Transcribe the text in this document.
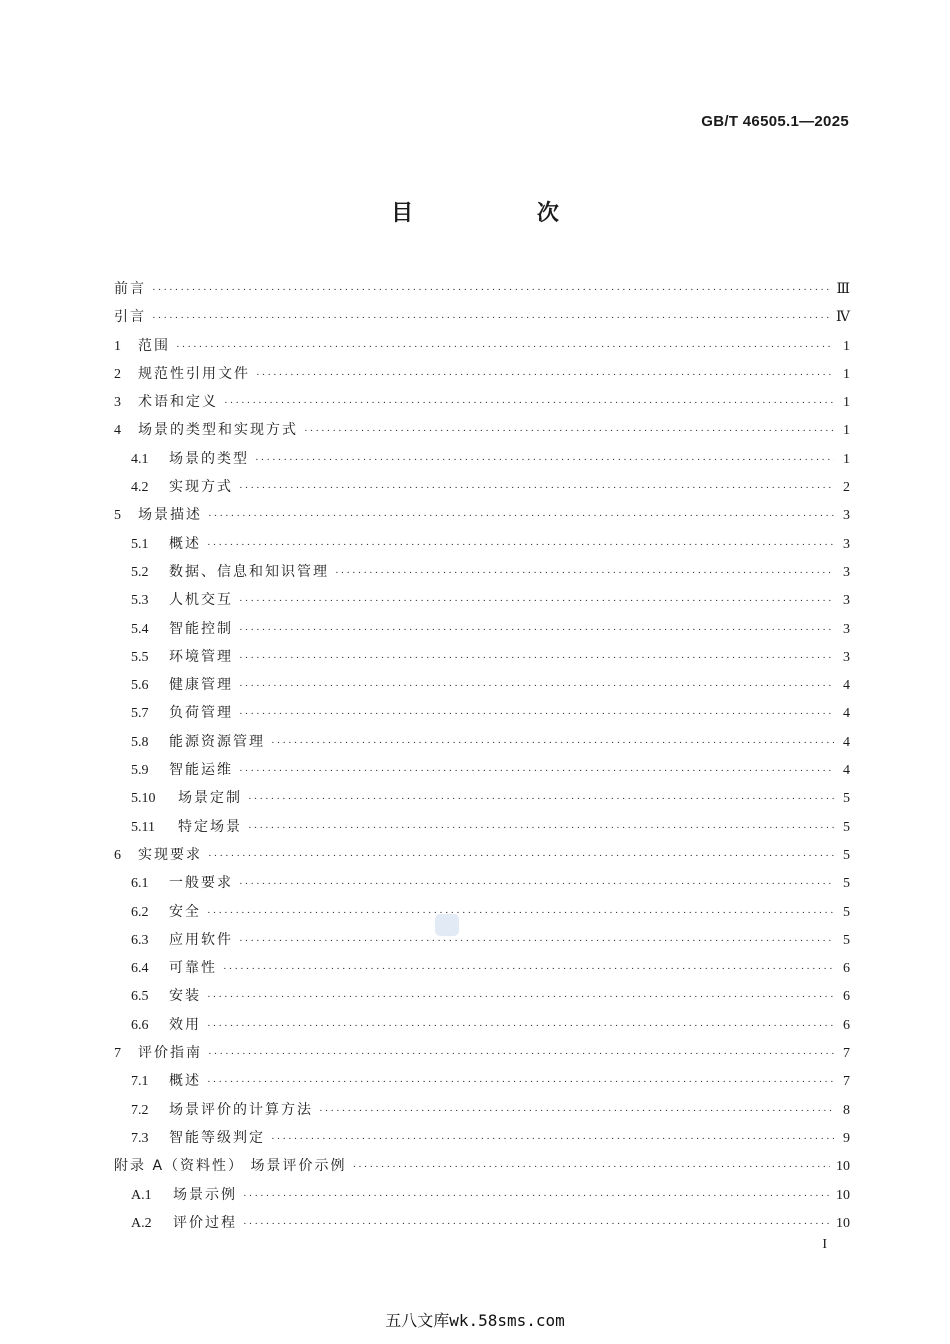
GB/T 46505.1—2025
目 次
前言 ·····	Ⅲ
引言 ·····	Ⅳ
1	范围 ·····	1
2	规范性引用文件 ·····	1
3	术语和定义 ·····	1
4	场景的类型和实现方式 ·····	1
4.1	场景的类型 ·····	1
4.2	实现方式 ·····	2
5	场景描述 ·····	3
5.1	概述 ·····	3
5.2	数据、信息和知识管理 ·····	3
5.3	人机交互 ·····	3
5.4	智能控制 ·····	3
5.5	环境管理 ·····	3
5.6	健康管理 ·····	4
5.7	负荷管理 ·····	4
5.8	能源资源管理 ·····	4
5.9	智能运维 ·····	4
5.10	场景定制 ·····	5
5.11	特定场景 ·····	5
6	实现要求 ·····	5
6.1	一般要求 ·····	5
6.2	安全 ·····	5
6.3	应用软件 ·····	5
6.4	可靠性 ·····	6
6.5	安装 ·····	6
6.6	效用 ·····	6
7	评价指南 ·····	7
7.1	概述 ·····	7
7.2	场景评价的计算方法 ·····	8
7.3	智能等级判定 ·····	9
附录 A（资料性） 场景评价示例 ·····	10
A.1	场景示例 ·····	10
A.2	评价过程 ·····	10
I
五八文库wk.58sms.com
